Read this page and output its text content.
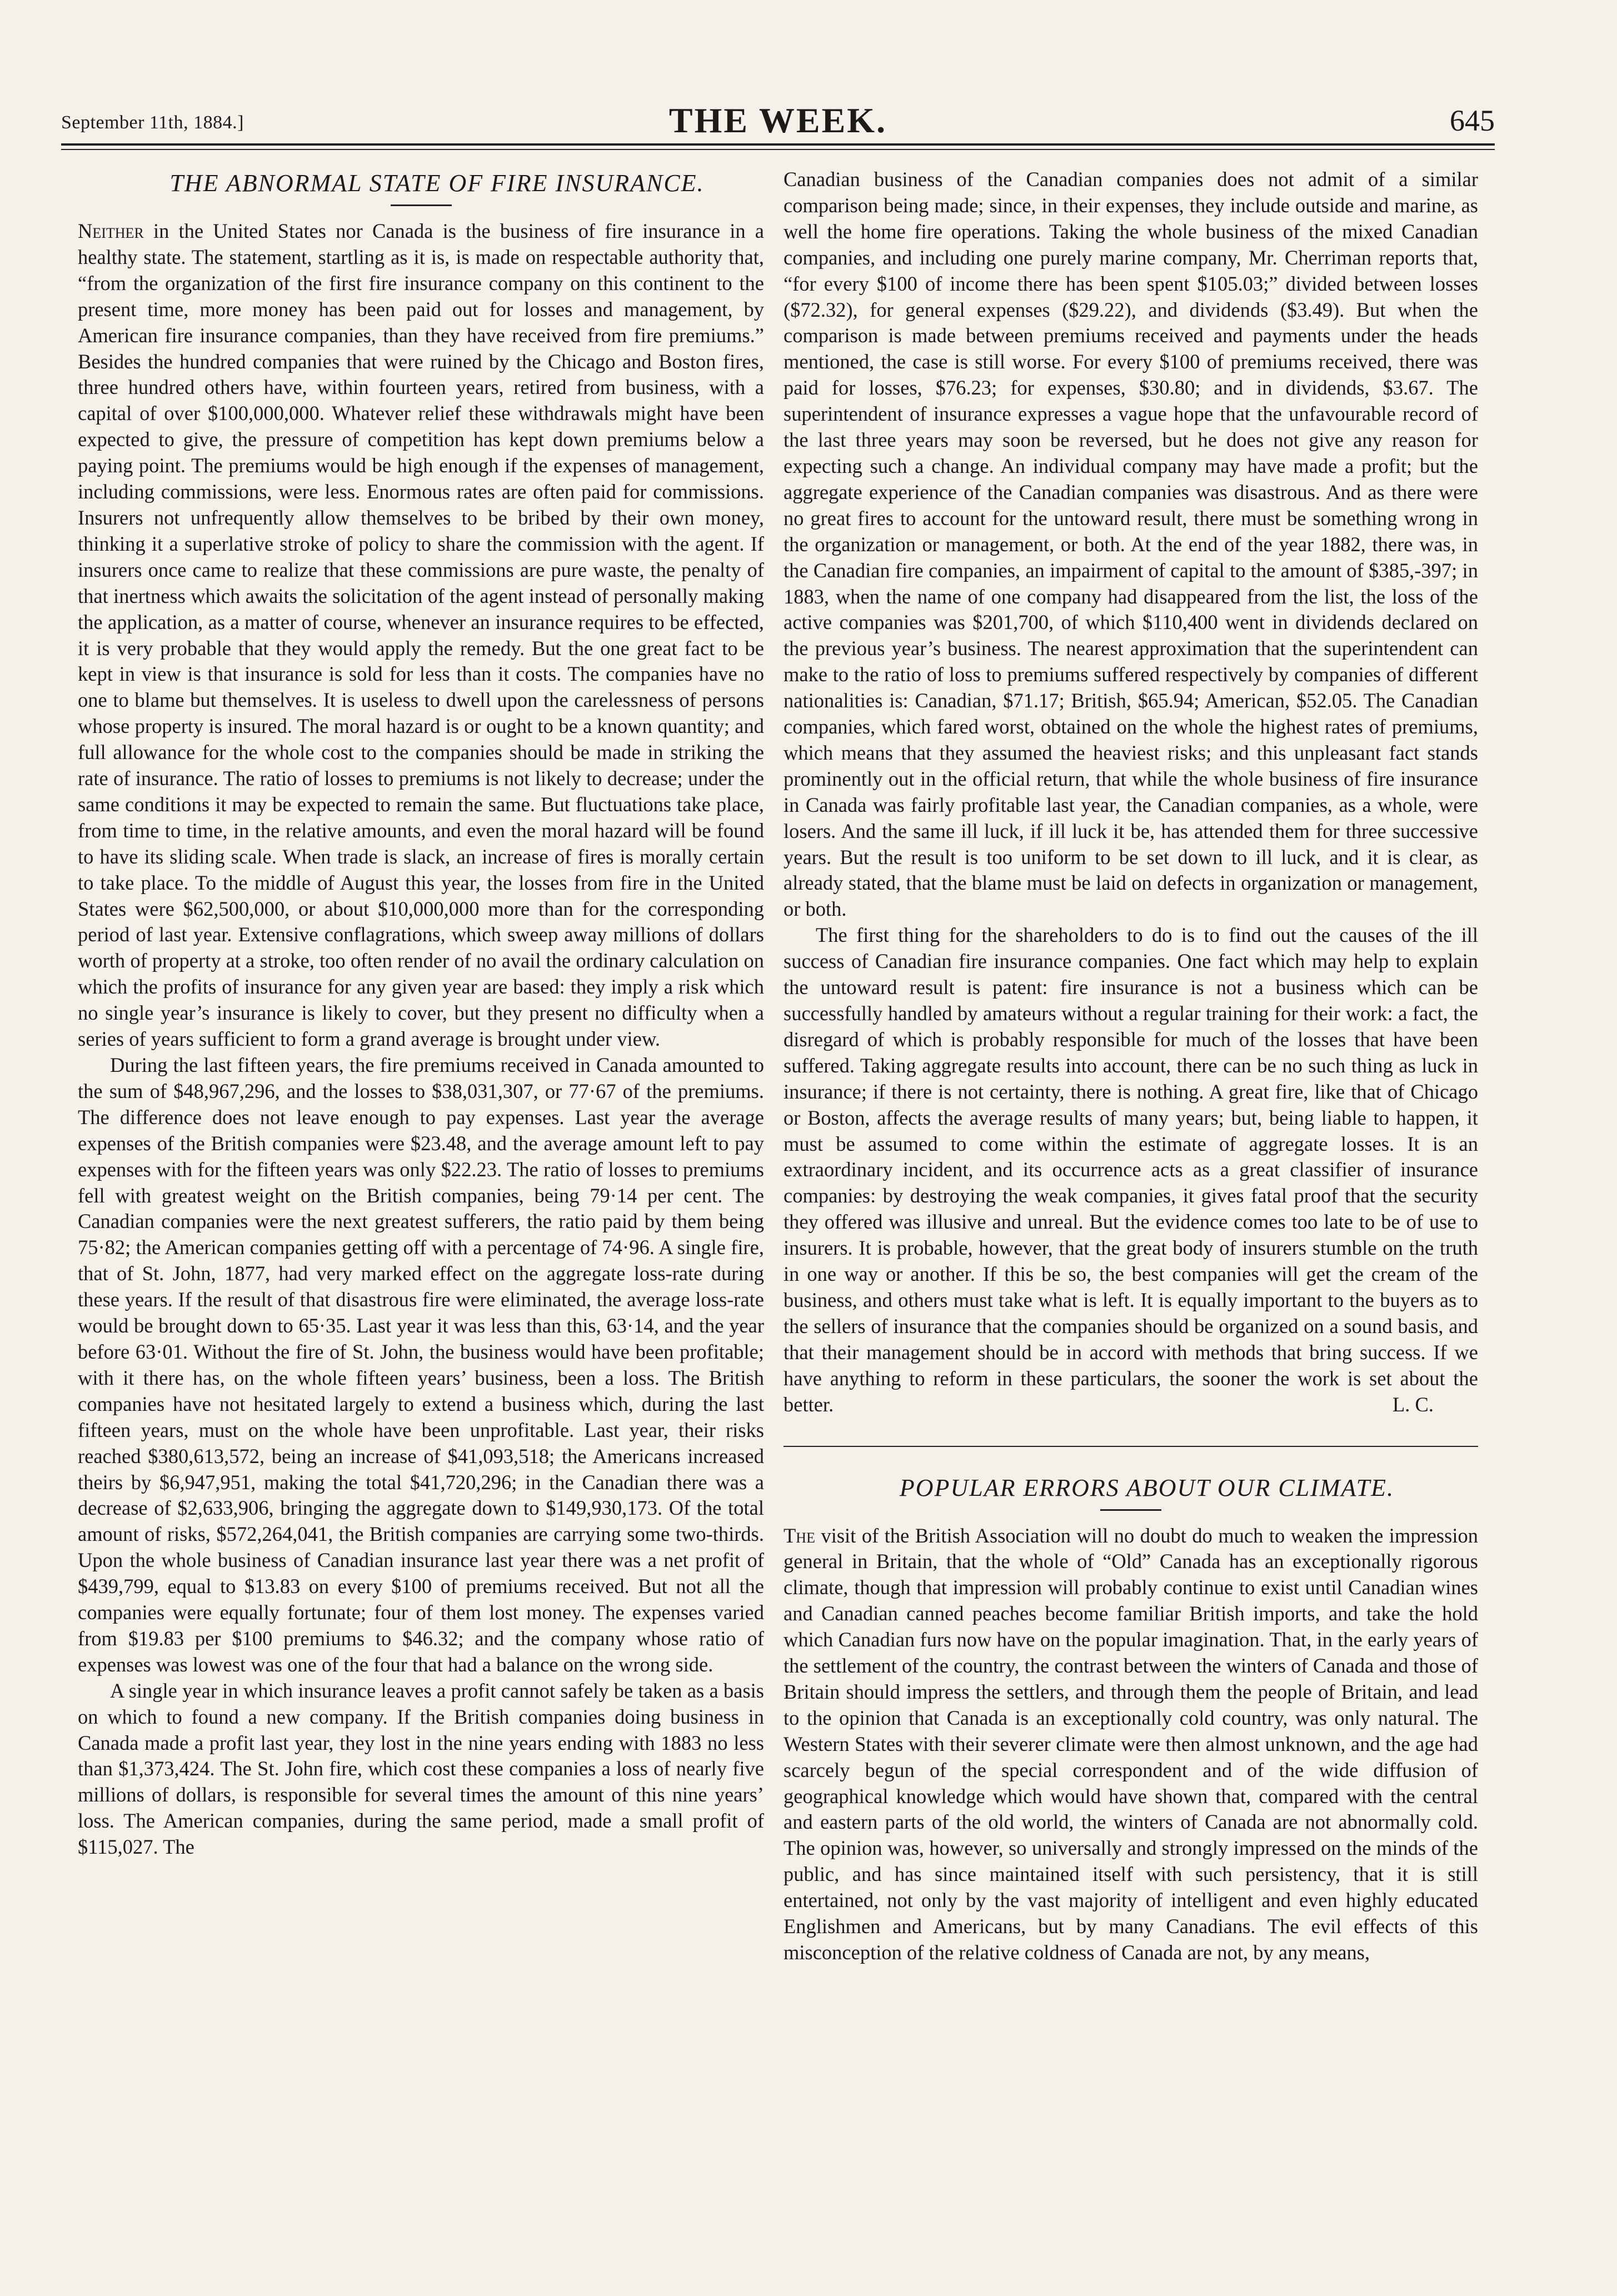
September 11th, 1884.]	THE WEEK.	645

THE ABNORMAL STATE OF FIRE INSURANCE.

Neither in the United States nor Canada is the business of fire insurance in a healthy state. The statement, startling as it is, is made on respectable authority that, “from the organization of the first fire insurance company on this continent to the present time, more money has been paid out for losses and management, by American fire insurance companies, than they have received from fire premiums.” Besides the hundred companies that were ruined by the Chicago and Boston fires, three hundred others have, within fourteen years, retired from business, with a capital of over $100,000,000. Whatever relief these withdrawals might have been expected to give, the pressure of competition has kept down premiums below a paying point. The premiums would be high enough if the expenses of management, including commissions, were less. Enormous rates are often paid for commissions. Insurers not unfrequently allow themselves to be bribed by their own money, thinking it a superlative stroke of policy to share the commission with the agent. If insurers once came to realize that these commissions are pure waste, the penalty of that inertness which awaits the solicitation of the agent instead of personally making the application, as a matter of course, whenever an insurance requires to be effected, it is very probable that they would apply the remedy. But the one great fact to be kept in view is that insurance is sold for less than it costs. The companies have no one to blame but themselves. It is useless to dwell upon the carelessness of persons whose property is insured. The moral hazard is or ought to be a known quantity; and full allowance for the whole cost to the companies should be made in striking the rate of insurance. The ratio of losses to premiums is not likely to decrease; under the same conditions it may be expected to remain the same. But fluctuations take place, from time to time, in the relative amounts, and even the moral hazard will be found to have its sliding scale. When trade is slack, an increase of fires is morally certain to take place. To the middle of August this year, the losses from fire in the United States were $62,500,000, or about $10,000,000 more than for the corresponding period of last year. Extensive conflagrations, which sweep away millions of dollars worth of property at a stroke, too often render of no avail the ordinary calculation on which the profits of insurance for any given year are based: they imply a risk which no single year’s insurance is likely to cover, but they present no difficulty when a series of years sufficient to form a grand average is brought under view.

During the last fifteen years, the fire premiums received in Canada amounted to the sum of $48,967,296, and the losses to $38,031,307, or 77·67 of the premiums. The difference does not leave enough to pay expenses. Last year the average expenses of the British companies were $23.48, and the average amount left to pay expenses with for the fifteen years was only $22.23. The ratio of losses to premiums fell with greatest weight on the British companies, being 79·14 per cent. The Canadian companies were the next greatest sufferers, the ratio paid by them being 75·82; the American companies getting off with a percentage of 74·96. A single fire, that of St. John, 1877, had very marked effect on the aggregate loss-rate during these years. If the result of that disastrous fire were eliminated, the average loss-rate would be brought down to 65·35. Last year it was less than this, 63·14, and the year before 63·01. Without the fire of St. John, the business would have been profitable; with it there has, on the whole fifteen years’ business, been a loss. The British companies have not hesitated largely to extend a business which, during the last fifteen years, must on the whole have been unprofitable. Last year, their risks reached $380,613,572, being an increase of $41,093,518; the Americans increased theirs by $6,947,951, making the total $41,720,296; in the Canadian there was a decrease of $2,633,906, bringing the aggregate down to $149,930,173. Of the total amount of risks, $572,264,041, the British companies are carrying some two-thirds. Upon the whole business of Canadian insurance last year there was a net profit of $439,799, equal to $13.83 on every $100 of premiums received. But not all the companies were equally fortunate; four of them lost money. The expenses varied from $19.83 per $100 premiums to $46.32; and the company whose ratio of expenses was lowest was one of the four that had a balance on the wrong side.

A single year in which insurance leaves a profit cannot safely be taken as a basis on which to found a new company. If the British companies doing business in Canada made a profit last year, they lost in the nine years ending with 1883 no less than $1,373,424. The St. John fire, which cost these companies a loss of nearly five millions of dollars, is responsible for several times the amount of this nine years’ loss. The American companies, during the same period, made a small profit of $115,027. The

Canadian business of the Canadian companies does not admit of a similar comparison being made; since, in their expenses, they include outside and marine, as well the home fire operations. Taking the whole business of the mixed Canadian companies, and including one purely marine company, Mr. Cherriman reports that, “for every $100 of income there has been spent $105.03;” divided between losses ($72.32), for general expenses ($29.22), and dividends ($3.49). But when the comparison is made between premiums received and payments under the heads mentioned, the case is still worse. For every $100 of premiums received, there was paid for losses, $76.23; for expenses, $30.80; and in dividends, $3.67. The superintendent of insurance expresses a vague hope that the unfavourable record of the last three years may soon be reversed, but he does not give any reason for expecting such a change. An individual company may have made a profit; but the aggregate experience of the Canadian companies was disastrous. And as there were no great fires to account for the untoward result, there must be something wrong in the organization or management, or both. At the end of the year 1882, there was, in the Canadian fire companies, an impairment of capital to the amount of $385,-397; in 1883, when the name of one company had disappeared from the list, the loss of the active companies was $201,700, of which $110,400 went in dividends declared on the previous year’s business. The nearest approximation that the superintendent can make to the ratio of loss to premiums suffered respectively by companies of different nationalities is: Canadian, $71.17; British, $65.94; American, $52.05. The Canadian companies, which fared worst, obtained on the whole the highest rates of premiums, which means that they assumed the heaviest risks; and this unpleasant fact stands prominently out in the official return, that while the whole business of fire insurance in Canada was fairly profitable last year, the Canadian companies, as a whole, were losers. And the same ill luck, if ill luck it be, has attended them for three successive years. But the result is too uniform to be set down to ill luck, and it is clear, as already stated, that the blame must be laid on defects in organization or management, or both.

The first thing for the shareholders to do is to find out the causes of the ill success of Canadian fire insurance companies. One fact which may help to explain the untoward result is patent: fire insurance is not a business which can be successfully handled by amateurs without a regular training for their work: a fact, the disregard of which is probably responsible for much of the losses that have been suffered. Taking aggregate results into account, there can be no such thing as luck in insurance; if there is not certainty, there is nothing. A great fire, like that of Chicago or Boston, affects the average results of many years; but, being liable to happen, it must be assumed to come within the estimate of aggregate losses. It is an extraordinary incident, and its occurrence acts as a great classifier of insurance companies: by destroying the weak companies, it gives fatal proof that the security they offered was illusive and unreal. But the evidence comes too late to be of use to insurers. It is probable, however, that the great body of insurers stumble on the truth in one way or another. If this be so, the best companies will get the cream of the business, and others must take what is left. It is equally important to the buyers as to the sellers of insurance that the companies should be organized on a sound basis, and that their management should be in accord with methods that bring success. If we have anything to reform in these particulars, the sooner the work is set about the better.	L. C.

POPULAR ERRORS ABOUT OUR CLIMATE.

The visit of the British Association will no doubt do much to weaken the impression general in Britain, that the whole of “Old” Canada has an exceptionally rigorous climate, though that impression will probably continue to exist until Canadian wines and Canadian canned peaches become familiar British imports, and take the hold which Canadian furs now have on the popular imagination. That, in the early years of the settlement of the country, the contrast between the winters of Canada and those of Britain should impress the settlers, and through them the people of Britain, and lead to the opinion that Canada is an exceptionally cold country, was only natural. The Western States with their severer climate were then almost unknown, and the age had scarcely begun of the special correspondent and of the wide diffusion of geographical knowledge which would have shown that, compared with the central and eastern parts of the old world, the winters of Canada are not abnormally cold. The opinion was, however, so universally and strongly impressed on the minds of the public, and has since maintained itself with such persistency, that it is still entertained, not only by the vast majority of intelligent and even highly educated Englishmen and Americans, but by many Canadians. The evil effects of this misconception of the relative coldness of Canada are not, by any means,
